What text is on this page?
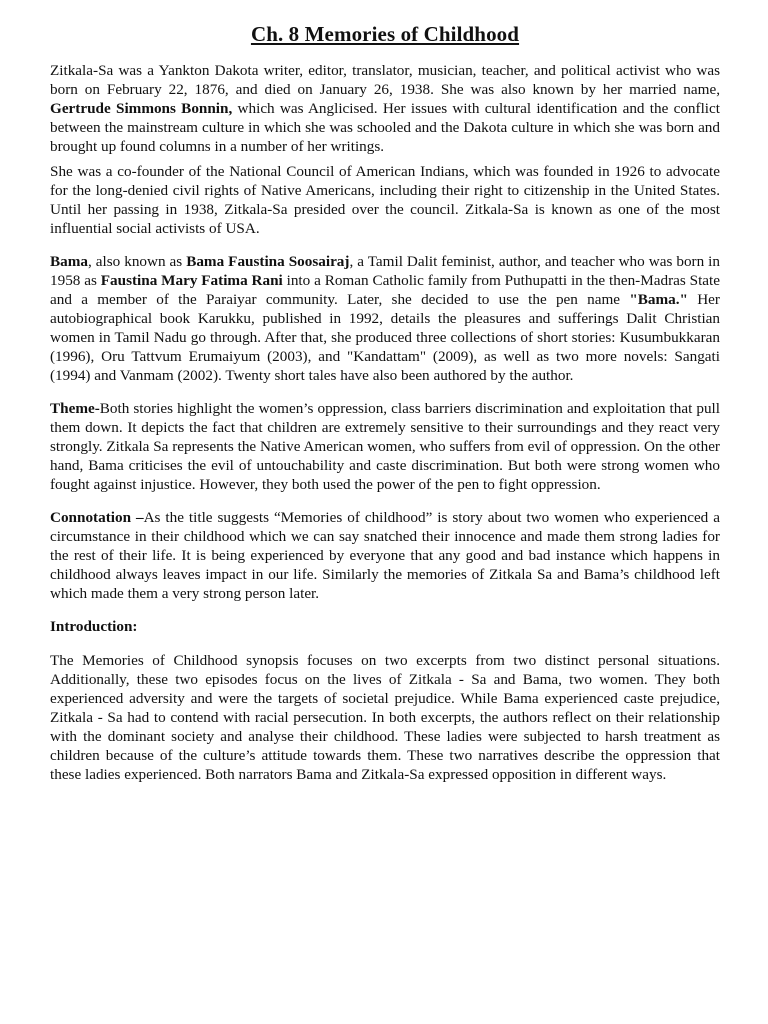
Ch. 8 Memories of Childhood

Zitkala-Sa was a Yankton Dakota writer, editor, translator, musician, teacher, and political activist who was born on February 22, 1876, and died on January 26, 1938. She was also known by her married name, Gertrude Simmons Bonnin, which was Anglicised. Her issues with cultural identification and the conflict between the mainstream culture in which she was schooled and the Dakota culture in which she was born and brought up found columns in a number of her writings.

She was a co-founder of the National Council of American Indians, which was founded in 1926 to advocate for the long-denied civil rights of Native Americans, including their right to citizenship in the United States. Until her passing in 1938, Zitkala-Sa presided over the council. Zitkala-Sa is known as one of the most influential social activists of USA.

Bama, also known as Bama Faustina Soosairaj, a Tamil Dalit feminist, author, and teacher who was born in 1958 as Faustina Mary Fatima Rani into a Roman Catholic family from Puthupatti in the then-Madras State and a member of the Paraiyar community. Later, she decided to use the pen name "Bama." Her autobiographical book Karukku, published in 1992, details the pleasures and sufferings Dalit Christian women in Tamil Nadu go through. After that, she produced three collections of short stories: Kusumbukkaran (1996), Oru Tattvum Erumaiyum (2003), and "Kandattam" (2009), as well as two more novels: Sangati (1994) and Vanmam (2002). Twenty short tales have also been authored by the author.

Theme-Both stories highlight the women’s oppression, class barriers discrimination and exploitation that pull them down. It depicts the fact that children are extremely sensitive to their surroundings and they react very strongly. Zitkala Sa represents the Native American women, who suffers from evil of oppression. On the other hand, Bama criticises the evil of untouchability and caste discrimination. But both were strong women who fought against injustice. However, they both used the power of the pen to fight oppression.

Connotation –As the title suggests “Memories of childhood” is story about two women who experienced a circumstance in their childhood which we can say snatched their innocence and made them strong ladies for the rest of their life. It is being experienced by everyone that any good and bad instance which happens in childhood always leaves impact in our life. Similarly the memories of Zitkala Sa and Bama’s childhood left which made them a very strong person later.

Introduction:

The Memories of Childhood synopsis focuses on two excerpts from two distinct personal situations. Additionally, these two episodes focus on the lives of Zitkala - Sa and Bama, two women. They both experienced adversity and were the targets of societal prejudice. While Bama experienced caste prejudice, Zitkala - Sa had to contend with racial persecution. In both excerpts, the authors reflect on their relationship with the dominant society and analyse their childhood. These ladies were subjected to harsh treatment as children because of the culture’s attitude towards them. These two narratives describe the oppression that these ladies experienced. Both narrators Bama and Zitkala-Sa expressed opposition in different ways.
